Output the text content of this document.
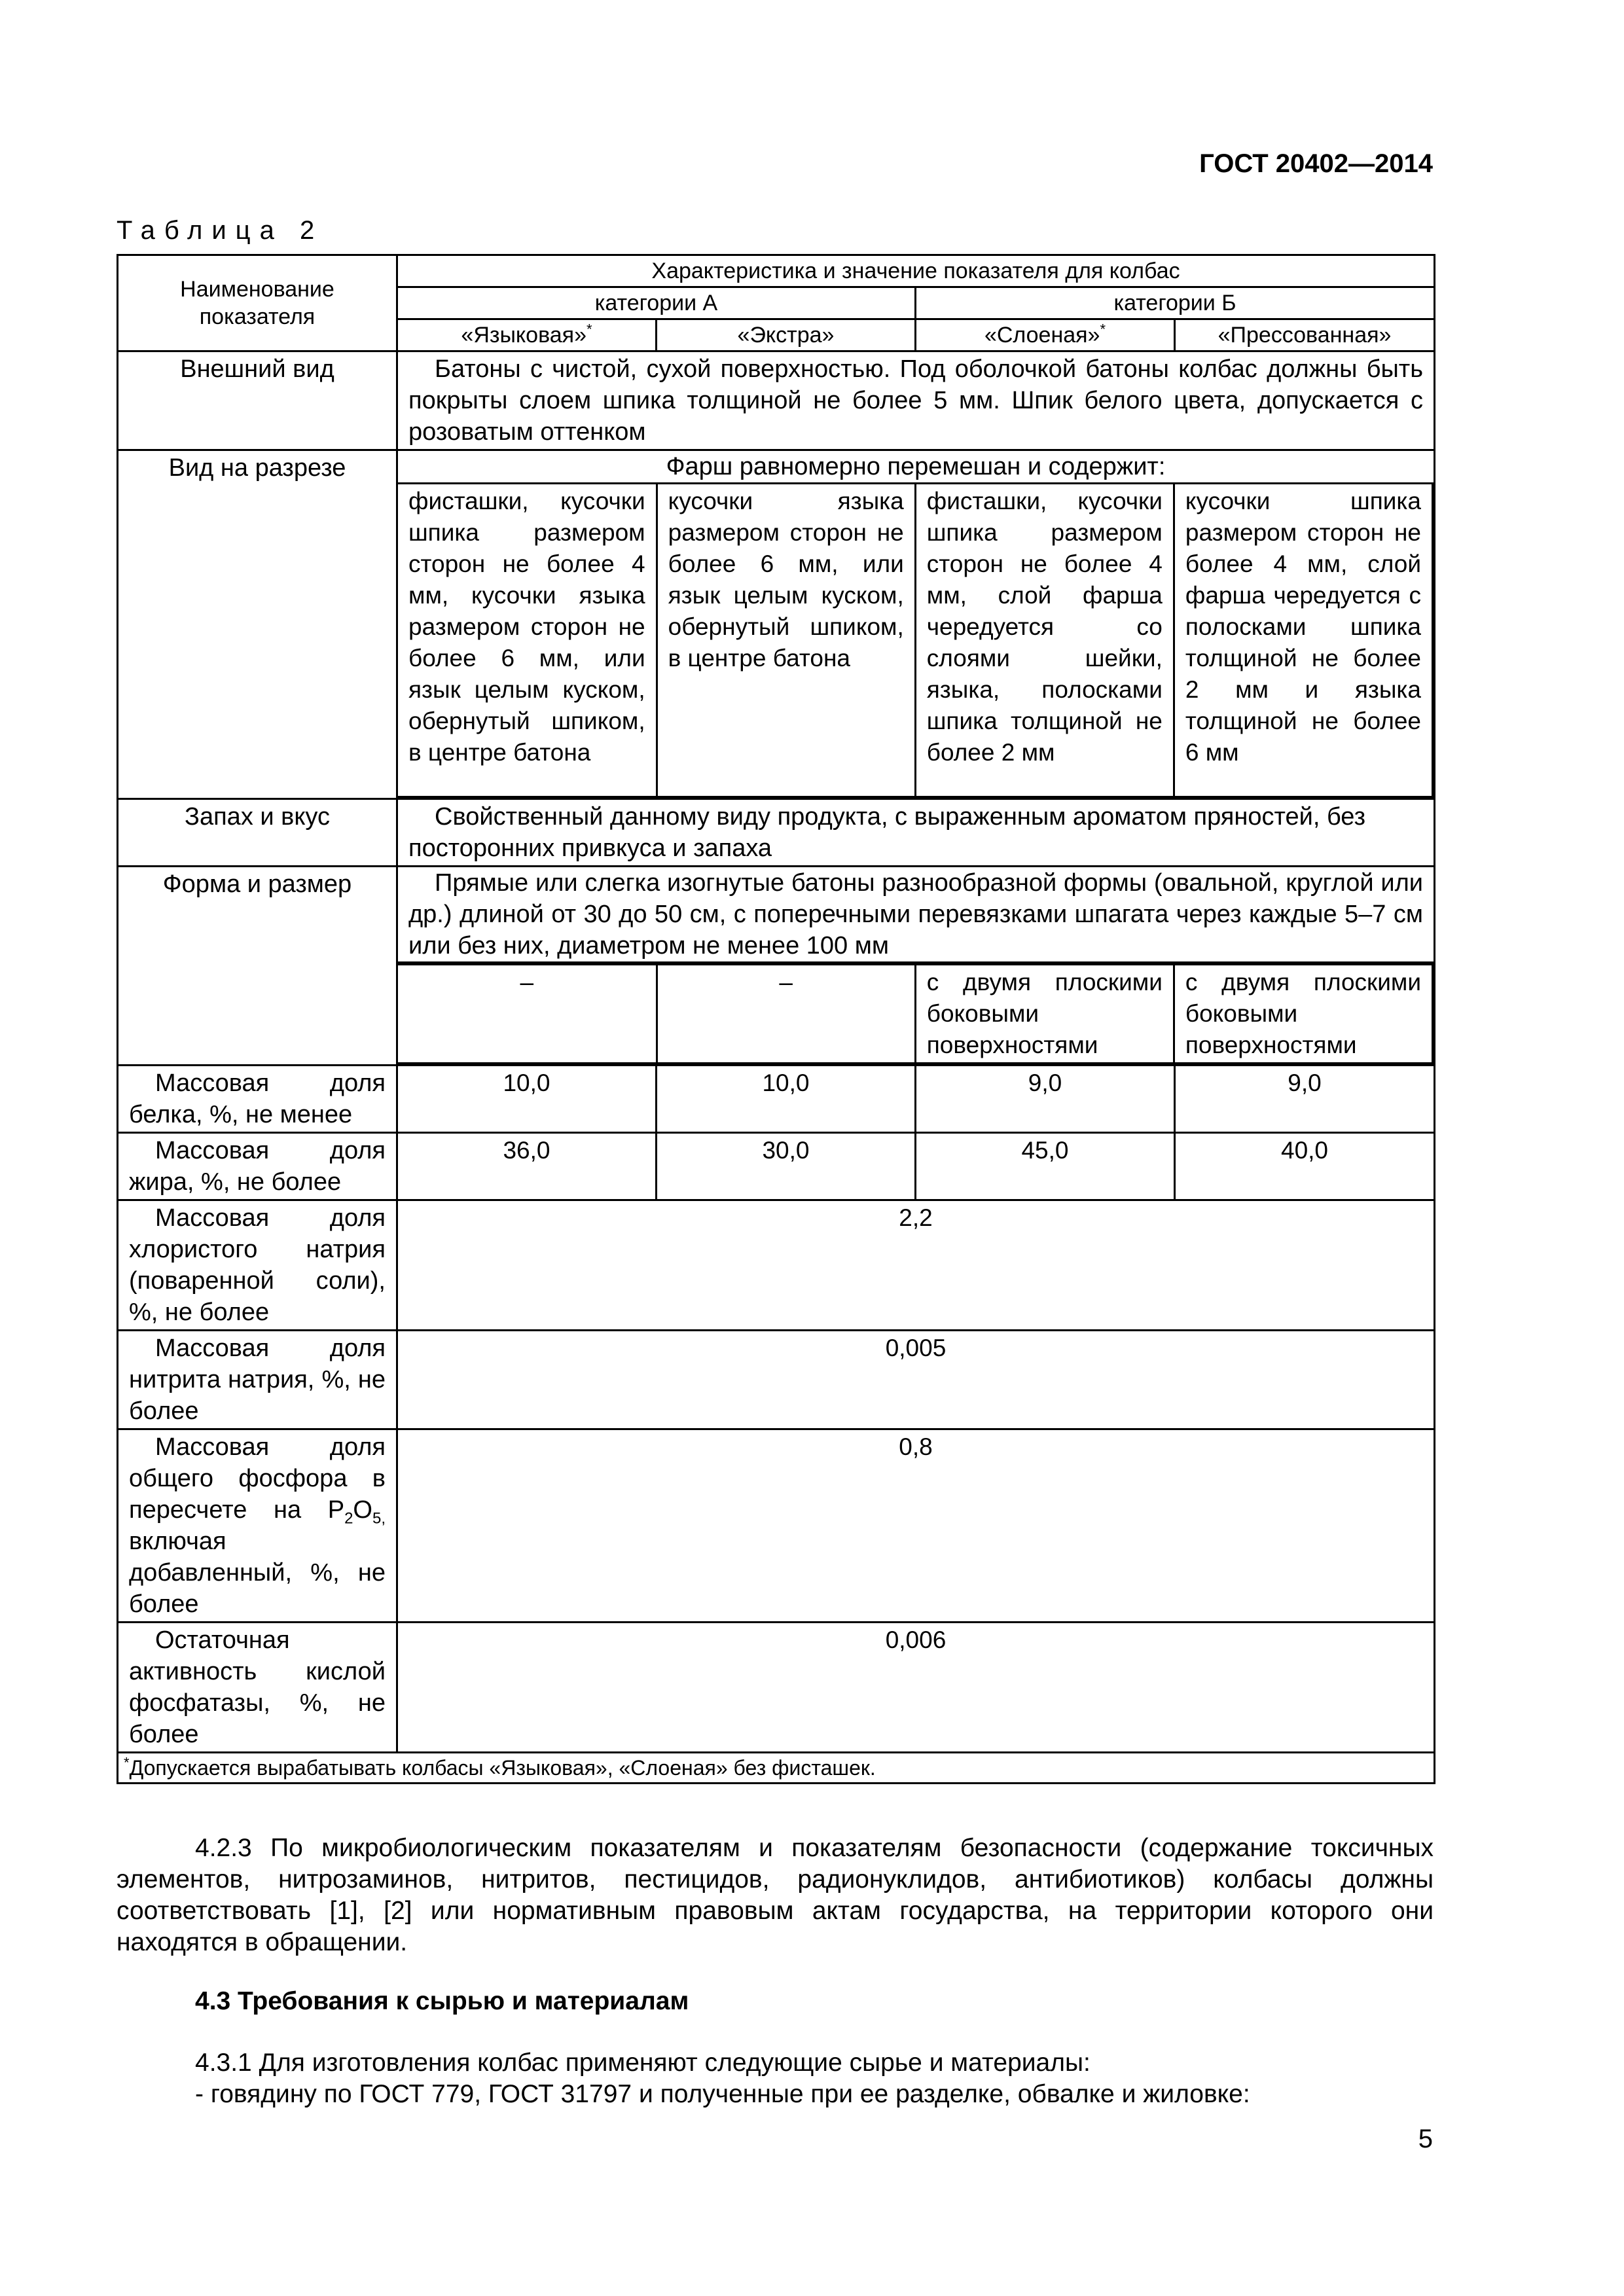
ГОСТ 20402—2014
Таблица 2
Наименование показателя	Характеристика и значение показателя для колбас
категории А	категории Б
«Языковая»*	«Экстра»	«Слоеная»*	«Прессованная»
Внешний вид	Батоны с чистой, сухой поверхностью. Под оболочкой батоны колбас должны быть покрыты слоем шпика толщиной не более 5 мм. Шпик белого цвета, допускается с розоватым оттенком
Вид на разрезе	Фарш равномерно перемешан и содержит:
фисташки, кусочки шпика размером сторон не более 4 мм, кусочки языка размером сторон не более 6 мм, или язык целым куском, обернутый шпиком, в центре батона	кусочки языка размером сторон не более 6 мм, или язык целым куском, обернутый шпиком, в центре батона	фисташки, кусочки шпика размером сторон не более 4 мм, слой фарша чередуется со слоями шейки, языка, полосками шпика толщиной не более 2 мм	кусочки шпика размером сторон не более 4 мм, слой фарша чередуется с полосками шпика толщиной не более 2 мм и языка толщиной не более 6 мм

Запах и вкус	Свойственный данному виду продукта, с выраженным ароматом пряностей, без посторонних привкуса и запаха
Форма и размер	Прямые или слегка изогнутые батоны разнообразной формы (овальной, круглой или др.) длиной от 30 до 50 см, с поперечными перевязками шпагата через каждые 5–7 см или без них, диаметром не менее 100 мм
–	–	с двумя плоскими боковыми поверхностями	с двумя плоскими боковыми поверхностями

Массовая доля белка, %, не менее	10,0	10,0	9,0	9,0
Массовая доля жира, %, не более	36,0	30,0	45,0	40,0
Массовая доля хлористого натрия (поваренной соли), %, не более	2,2
Массовая доля нитрита натрия, %, не более	0,005
Массовая доля общего фосфора в пересчете на $P_2O_{5,}$ включая добавленный, %, не более	0,8
Остаточная активность кислой фосфатазы, %, не более	0,006
*Допускается вырабатывать колбасы «Языковая», «Слоеная» без фисташек.
4.2.3 По микробиологическим показателям и показателям безопасности (содержание токсичных элементов, нитрозаминов, нитритов, пестицидов, радионуклидов, антибиотиков) колбасы должны соответствовать [1], [2] или нормативным правовым актам государства, на территории которого они находятся в обращении.
4.3 Требования к сырью и материалам
4.3.1 Для изготовления колбас применяют следующие сырье и материалы:
- говядину по ГОСТ 779, ГОСТ 31797 и полученные при ее разделке, обвалке и жиловке:
5
